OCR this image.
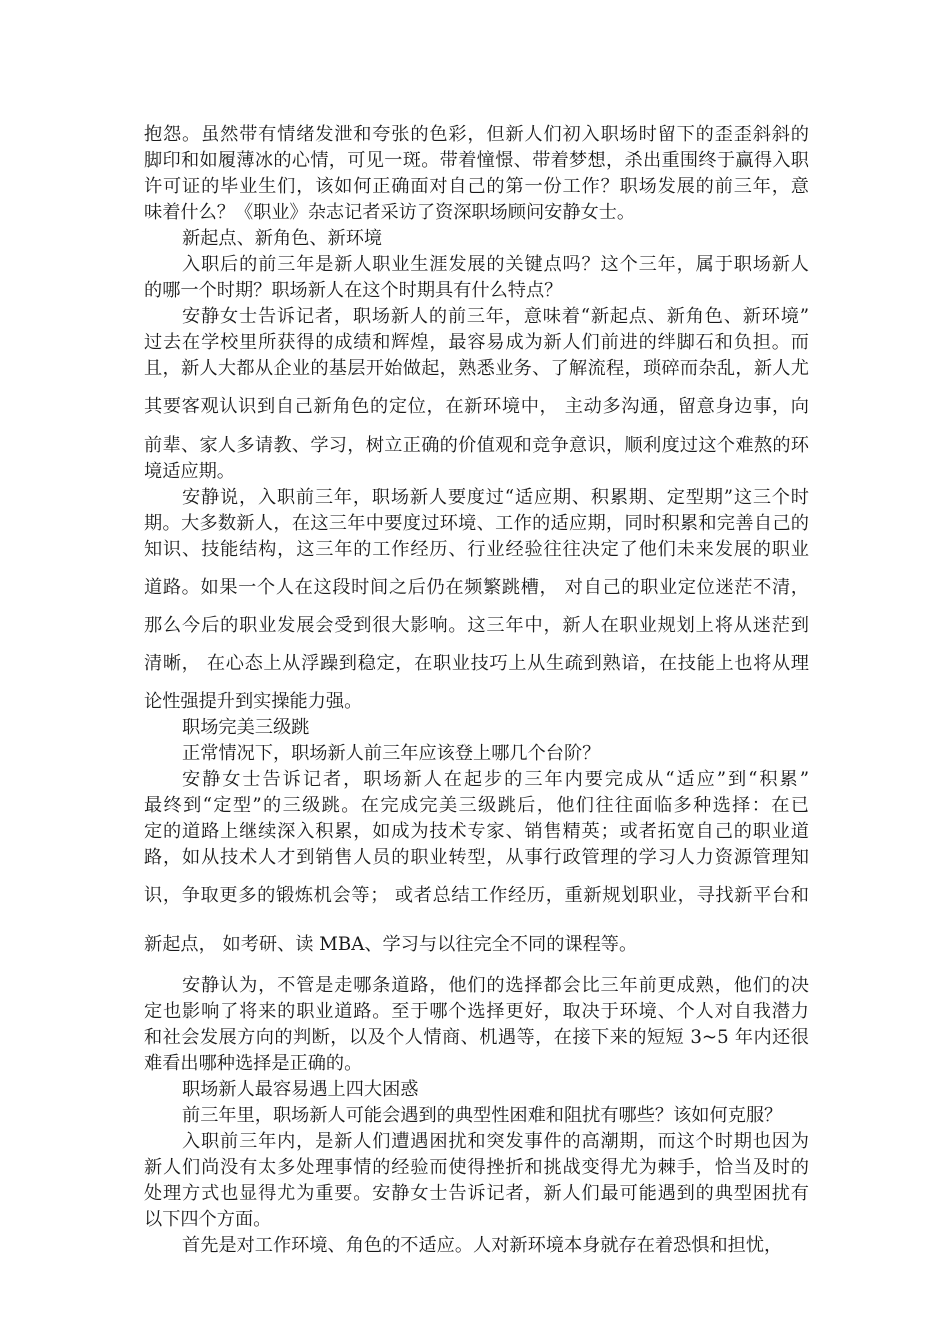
抱怨。虽然带有情绪发泄和夸张的色彩，但新人们初入职场时留下的歪歪斜斜的
脚印和如履薄冰的心情，可见一斑。带着憧憬、带着梦想，杀出重围终于赢得入职
许可证的毕业生们，该如何正确面对自己的第一份工作？职场发展的前三年，意
味着什么？《职业》杂志记者采访了资深职场顾问安静女士。
新起点、新角色、新环境
入职后的前三年是新人职业生涯发展的关键点吗？这个三年，属于职场新人
的哪一个时期？职场新人在这个时期具有什么特点？
安静女士告诉记者，职场新人的前三年，意味着“新起点、新角色、新环境”
过去在学校里所获得的成绩和辉煌，最容易成为新人们前进的绊脚石和负担。而
且，新人大都从企业的基层开始做起，熟悉业务、了解流程，琐碎而杂乱，新人尤
其要客观认识到自己新角色的定位，在新环境中， 主动多沟通，留意身边事，向
前辈、家人多请教、学习，树立正确的价值观和竞争意识，顺利度过这个难熬的环
境适应期。
安静说，入职前三年，职场新人要度过“适应期、积累期、定型期”这三个时
期。大多数新人，在这三年中要度过环境、工作的适应期，同时积累和完善自己的
知识、技能结构，这三年的工作经历、行业经验往往决定了他们未来发展的职业
道路。如果一个人在这段时间之后仍在频繁跳槽， 对自己的职业定位迷茫不清，
那么今后的职业发展会受到很大影响。这三年中，新人在职业规划上将从迷茫到
清晰， 在心态上从浮躁到稳定，在职业技巧上从生疏到熟谙，在技能上也将从理
论性强提升到实操能力强。
职场完美三级跳
正常情况下，职场新人前三年应该登上哪几个台阶？
安静女士告诉记者，职场新人在起步的三年内要完成从“适应”到“积累”
最终到“定型”的三级跳。在完成完美三级跳后，他们往往面临多种选择：在已
定的道路上继续深入积累，如成为技术专家、销售精英；或者拓宽自己的职业道
路，如从技术人才到销售人员的职业转型，从事行政管理的学习人力资源管理知
识，争取更多的锻炼机会等； 或者总结工作经历，重新规划职业，寻找新平台和
新起点， 如考研、读 MBA、学习与以往完全不同的课程等。
安静认为，不管是走哪条道路，他们的选择都会比三年前更成熟，他们的决
定也影响了将来的职业道路。至于哪个选择更好，取决于环境、个人对自我潜力
和社会发展方向的判断，以及个人情商、机遇等，在接下来的短短 3~5 年内还很
难看出哪种选择是正确的。
职场新人最容易遇上四大困惑
前三年里，职场新人可能会遇到的典型性困难和阻扰有哪些？该如何克服？
入职前三年内，是新人们遭遇困扰和突发事件的高潮期，而这个时期也因为
新人们尚没有太多处理事情的经验而使得挫折和挑战变得尤为棘手，恰当及时的
处理方式也显得尤为重要。安静女士告诉记者，新人们最可能遇到的典型困扰有
以下四个方面。
首先是对工作环境、角色的不适应。人对新环境本身就存在着恐惧和担忧，
